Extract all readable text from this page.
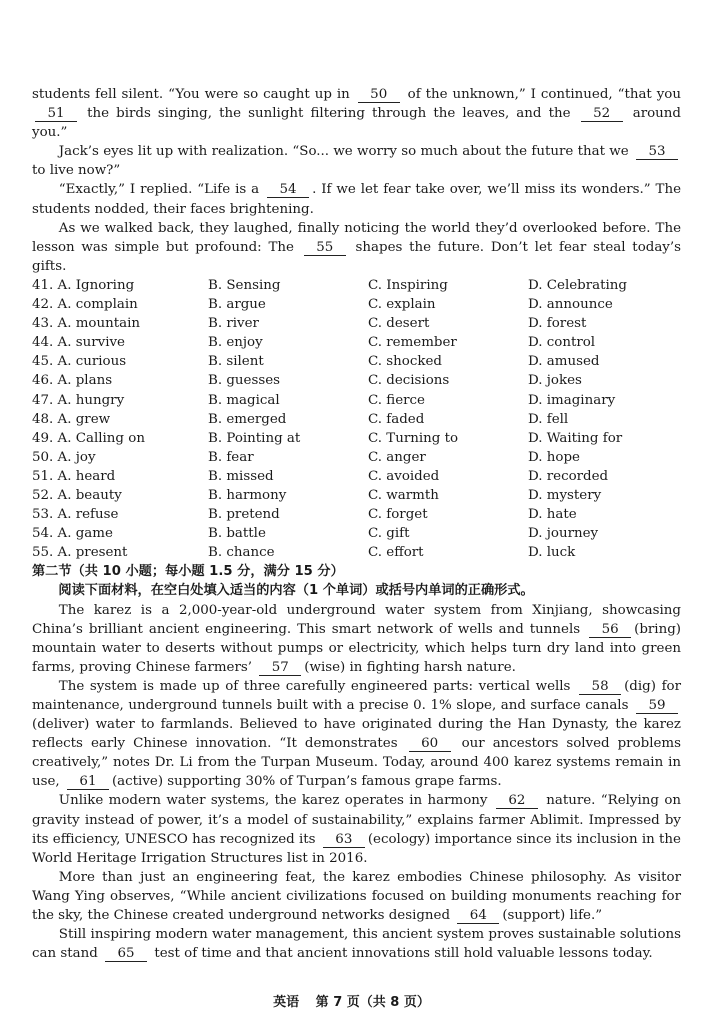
students fell silent. “You were so caught up in 50 of the unknown,” I continued, “that you 51 the birds singing, the sunlight filtering through the leaves, and the 52 around you.”

Jack’s eyes lit up with realization. “So... we worry so much about the future that we 53 to live now?”

“Exactly,” I replied. “Life is a 54 . If we let fear take over, we’ll miss its wonders.” The students nodded, their faces brightening.

As we walked back, they laughed, finally noticing the world they’d overlooked before. The lesson was simple but profound: The 55 shapes the future. Don’t let fear steal today’s gifts.

41. A. Ignoring	B. Sensing	C. Inspiring	D. Celebrating
42. A. complain	B. argue	C. explain	D. announce
43. A. mountain	B. river	C. desert	D. forest
44. A. survive	B. enjoy	C. remember	D. control
45. A. curious	B. silent	C. shocked	D. amused
46. A. plans	B. guesses	C. decisions	D. jokes
47. A. hungry	B. magical	C. fierce	D. imaginary
48. A. grew	B. emerged	C. faded	D. fell
49. A. Calling on	B. Pointing at	C. Turning to	D. Waiting for
50. A. joy	B. fear	C. anger	D. hope
51. A. heard	B. missed	C. avoided	D. recorded
52. A. beauty	B. harmony	C. warmth	D. mystery
53. A. refuse	B. pretend	C. forget	D. hate
54. A. game	B. battle	C. gift	D. journey
55. A. present	B. chance	C. effort	D. luck

第二节（共 10 小题；每小题 1.5 分，满分 15 分）

阅读下面材料，在空白处填入适当的内容（1 个单词）或括号内单词的正确形式。

The karez is a 2,000-year-old underground water system from Xinjiang, showcasing China’s brilliant ancient engineering. This smart network of wells and tunnels 56 (bring) mountain water to deserts without pumps or electricity, which helps turn dry land into green farms, proving Chinese farmers’ 57 (wise) in fighting harsh nature.

The system is made up of three carefully engineered parts: vertical wells 58 (dig) for maintenance, underground tunnels built with a precise 0. 1% slope, and surface canals 59(deliver) water to farmlands. Believed to have originated during the Han Dynasty, the karez reflects early Chinese innovation. “It demonstrates 60 our ancestors solved problems creatively,” notes Dr. Li from the Turpan Museum. Today, around 400 karez systems remain in use, 61 (active) supporting 30% of Turpan’s famous grape farms.

Unlike modern water systems, the karez operates in harmony 62 nature. “Relying on gravity instead of power, it’s a model of sustainability,” explains farmer Ablimit. Impressed by its efficiency, UNESCO has recognized its 63 (ecology) importance since its inclusion in the World Heritage Irrigation Structures list in 2016.

More than just an engineering feat, the karez embodies Chinese philosophy. As visitor Wang Ying observes, “While ancient civilizations focused on building monuments reaching for the sky, the Chinese created underground networks designed 64 (support) life.”

Still inspiring modern water management, this ancient system proves sustainable solutions can stand 65 test of time and that ancient innovations still hold valuable lessons today.

英语 第 7 页（共 8 页）
